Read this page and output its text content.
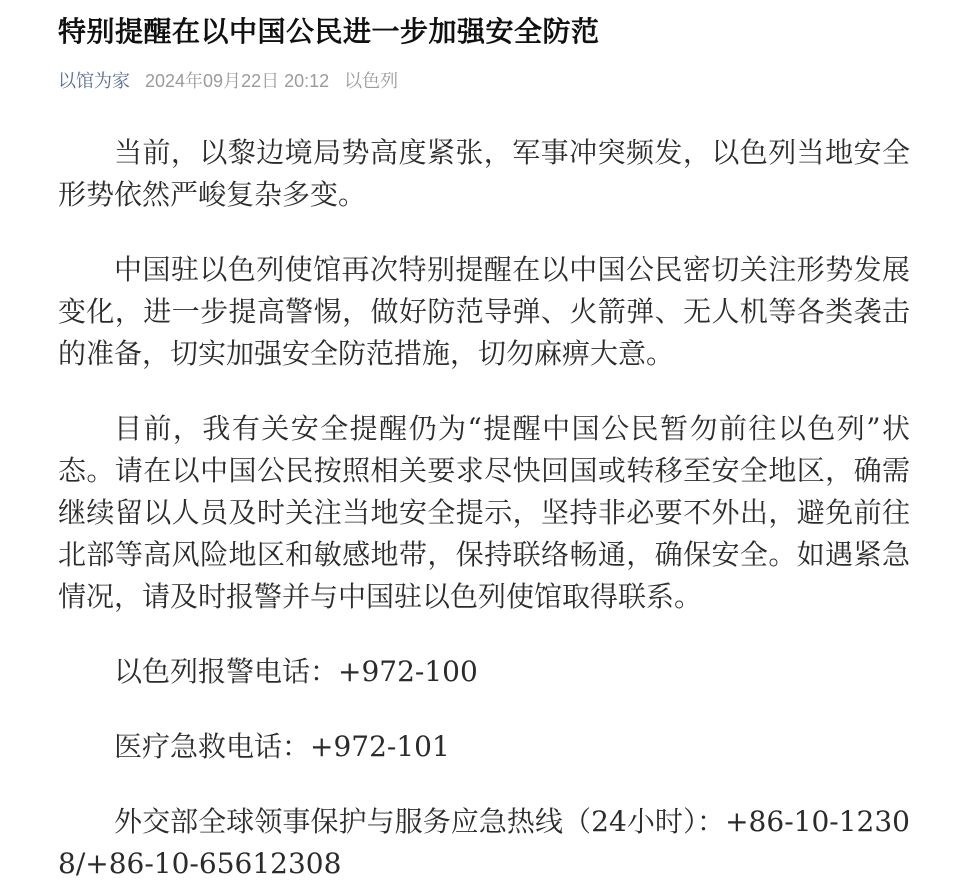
特别提醒在以中国公民进一步加强安全防范
以馆为家 2024年09月22日 20:12 以色列

当前，以黎边境局势高度紧张，军事冲突频发，以色列当地安全形势依然严峻复杂多变。

中国驻以色列使馆再次特别提醒在以中国公民密切关注形势发展变化，进一步提高警惕，做好防范导弹、火箭弹、无人机等各类袭击的准备，切实加强安全防范措施，切勿麻痹大意。

目前，我有关安全提醒仍为“提醒中国公民暂勿前往以色列”状态。请在以中国公民按照相关要求尽快回国或转移至安全地区，确需继续留以人员及时关注当地安全提示，坚持非必要不外出，避免前往北部等高风险地区和敏感地带，保持联络畅通，确保安全。如遇紧急情况，请及时报警并与中国驻以色列使馆取得联系。

以色列报警电话：+972-100

医疗急救电话：+972-101

外交部全球领事保护与服务应急热线（24小时）：+86-10-12308/+86-10-65612308
